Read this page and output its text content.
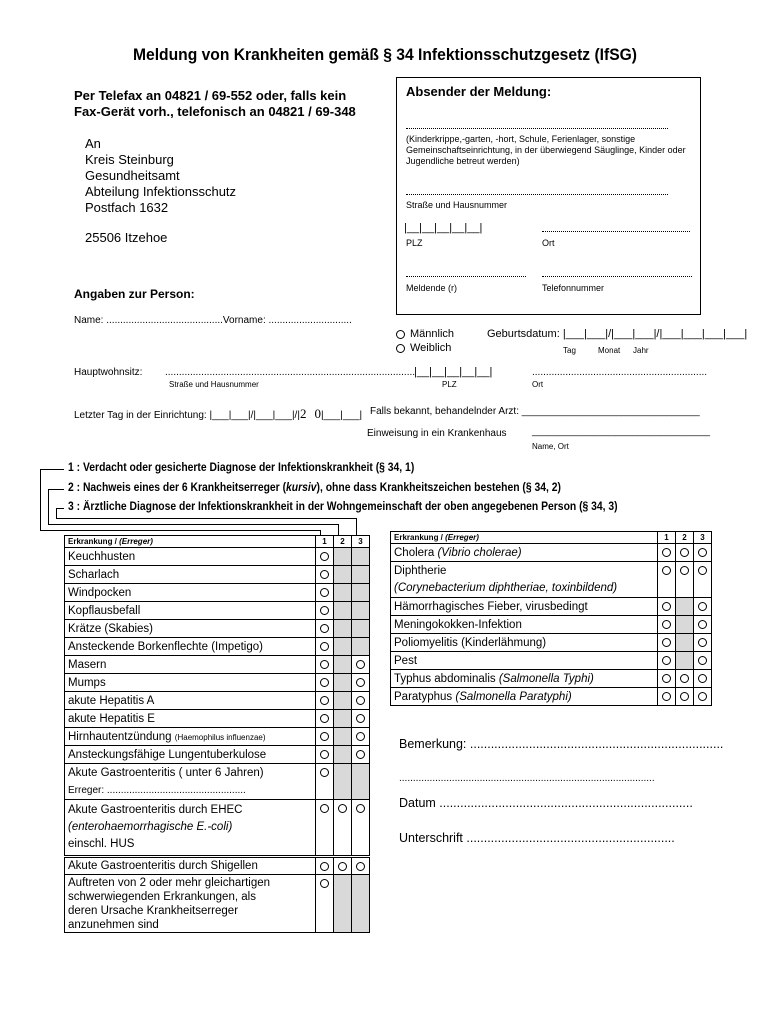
Meldung von Krankheiten gemäß § 34 Infektionsschutzgesetz (IfSG)
Per Telefax an 04821 / 69-552 oder, falls kein
Fax-Gerät vorh., telefonisch an 04821 / 69-348
An
Kreis Steinburg
Gesundheitsamt
Abteilung Infektionsschutz
Postfach 1632
25506 Itzehoe
Absender der Meldung:
(Kinderkrippe,-garten, -hort, Schule, Ferienlager, sonstige Gemeinschaftseinrichtung, in der überwiegend Säuglinge, Kinder oder Jugendliche betreut werden)
Straße und Hausnummer
|__|__|__|__|__|
PLZ	Ort
Meldende (r)	Telefonnummer
Angaben zur Person:
Name: ..........................................Vorname: ..............................
Männlich
Weiblich
Geburtsdatum: |___|___|/|___|___|/|___|___|___|___|
Tag	Monat Jahr
Hauptwohnsitz: ..........................................................................................
|__|__|__|__|__|	...............................................................
Straße und Hausnummer	PLZ	Ort
Letzter Tag in der Einrichtung: |___|___|/|___|___|/|2 0|___|___| Falls bekannt, behandelnder Arzt: ________________________________
Einweisung in ein Krankenhaus	________________________________
Name, Ort
1 : Verdacht oder gesicherte Diagnose der Infektionskrankheit (§ 34, 1)
2 : Nachweis eines der 6 Krankheitserreger (kursiv), ohne dass Krankheitszeichen bestehen (§ 34, 2)
3 : Ärztliche Diagnose der Infektionskrankheit in der Wohngemeinschaft der oben angegebenen Person (§ 34, 3)
Erkrankung / (Erreger)	1	2	3
Keuchhusten			
Scharlach			
Windpocken			
Kopflausbefall			
Krätze (Skabies)			
Ansteckende Borkenflechte (Impetigo)			
Masern			
Mumps			
akute Hepatitis A			
akute Hepatitis E			
Hirnhautentzündung (Haemophilus influenzae)			
Ansteckungsfähige Lungentuberkulose			

Akute Gastroenteritis ( unter 6 Jahren)
Erreger: ..................................................			

Akute Gastroenteritis durch EHEC
(enterohaemorrhagische E.-coli)
einschl. HUS			

Akute Gastroenteritis durch Shigellen			

Auftreten von 2 oder mehr gleichartigen
schwerwiegenden Erkrankungen, als
deren Ursache Krankheitserreger
anzunehmen sind			

Erkrankung / (Erreger)	1	2	3
Cholera (Vibrio cholerae)			

Diphtherie
(Corynebacterium diphtheriae, toxinbildend)			

Hämorrhagisches Fieber, virusbedingt			
Meningokokken-Infektion			
Poliomyelitis (Kinderlähmung)			
Pest			
Typhus abdominalis (Salmonella Typhi)			
Paratyphus (Salmonella Paratyphi)			
Bemerkung: .........................................................................
............................................................................................
Datum .........................................................................
Unterschrift ............................................................
